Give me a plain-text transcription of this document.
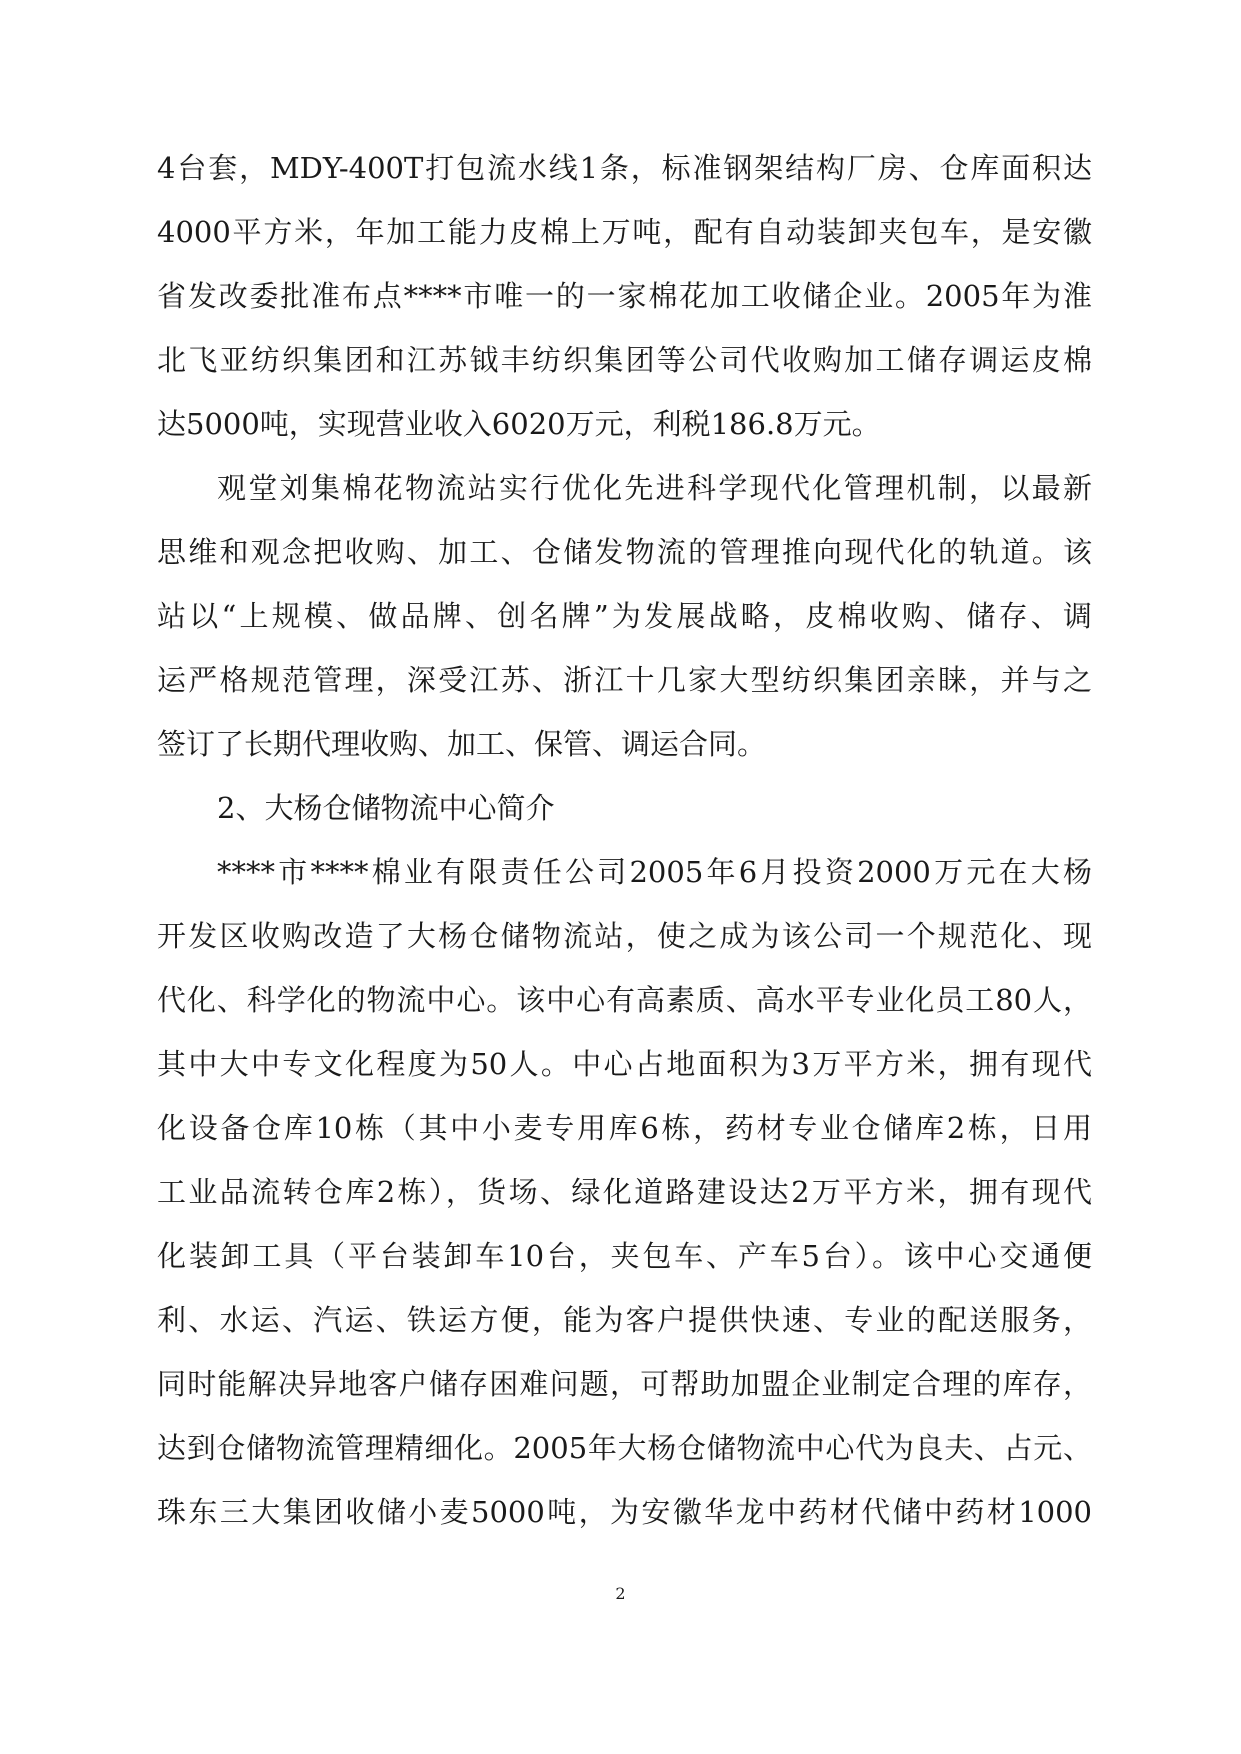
4台套，MDY-400T打包流水线1条，标准钢架结构厂房、仓库面积达
4000平方米，年加工能力皮棉上万吨，配有自动装卸夹包车，是安徽
省发改委批准布点****市唯一的一家棉花加工收储企业。2005年为淮
北飞亚纺织集团和江苏钺丰纺织集团等公司代收购加工储存调运皮棉
达5000吨，实现营业收入6020万元，利税186.8万元。
观堂刘集棉花物流站实行优化先进科学现代化管理机制，以最新
思维和观念把收购、加工、仓储发物流的管理推向现代化的轨道。该
站以“上规模、做品牌、创名牌”为发展战略，皮棉收购、储存、调
运严格规范管理，深受江苏、浙江十几家大型纺织集团亲睐，并与之
签订了长期代理收购、加工、保管、调运合同。
2、大杨仓储物流中心简介
****市****棉业有限责任公司2005年6月投资2000万元在大杨
开发区收购改造了大杨仓储物流站，使之成为该公司一个规范化、现
代化、科学化的物流中心。该中心有高素质、高水平专业化员工80人，
其中大中专文化程度为50人。中心占地面积为3万平方米，拥有现代
化设备仓库10栋（其中小麦专用库6栋，药材专业仓储库2栋，日用
工业品流转仓库2栋），货场、绿化道路建设达2万平方米，拥有现代
化装卸工具（平台装卸车10台，夹包车、产车5台）。该中心交通便
利、水运、汽运、铁运方便，能为客户提供快速、专业的配送服务，
同时能解决异地客户储存困难问题，可帮助加盟企业制定合理的库存，
达到仓储物流管理精细化。2005年大杨仓储物流中心代为良夫、占元、
珠东三大集团收储小麦5000吨，为安徽华龙中药材代储中药材1000
2
